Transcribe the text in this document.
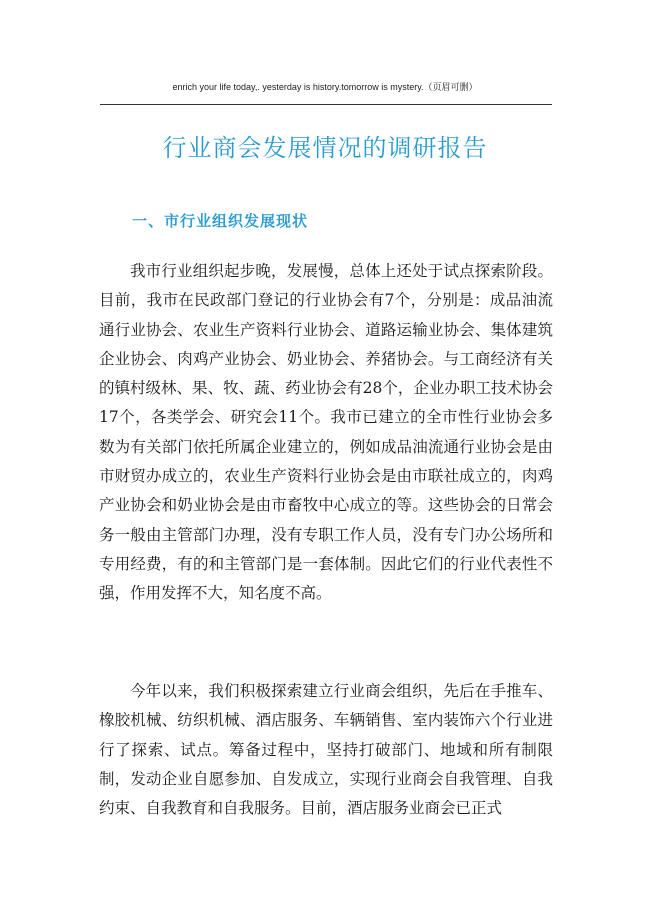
enrich your life today,. yesterday is history.tomorrow is mystery.（页眉可删）
行业商会发展情况的调研报告
一、市行业组织发展现状

我市行业组织起步晚，发展慢，总体上还处于试点探索阶段。目前，我市在民政部门登记的行业协会有7个，分别是：成品油流通行业协会、农业生产资料行业协会、道路运输业协会、集体建筑企业协会、肉鸡产业协会、奶业协会、养猪协会。与工商经济有关的镇村级林、果、牧、蔬、药业协会有28个，企业办职工技术协会17个，各类学会、研究会11个。我市已建立的全市性行业协会多数为有关部门依托所属企业建立的，例如成品油流通行业协会是由市财贸办成立的，农业生产资料行业协会是由市联社成立的，肉鸡产业协会和奶业协会是由市畜牧中心成立的等。这些协会的日常会务一般由主管部门办理，没有专职工作人员，没有专门办公场所和专用经费，有的和主管部门是一套体制。因此它们的行业代表性不强，作用发挥不大，知名度不高。

今年以来，我们积极探索建立行业商会组织，先后在手推车、橡胶机械、纺织机械、酒店服务、车辆销售、室内装饰六个行业进行了探索、试点。筹备过程中，坚持打破部门、地域和所有制限制，发动企业自愿参加、自发成立，实现行业商会自我管理、自我约束、自我教育和自我服务。目前，酒店服务业商会已正式
